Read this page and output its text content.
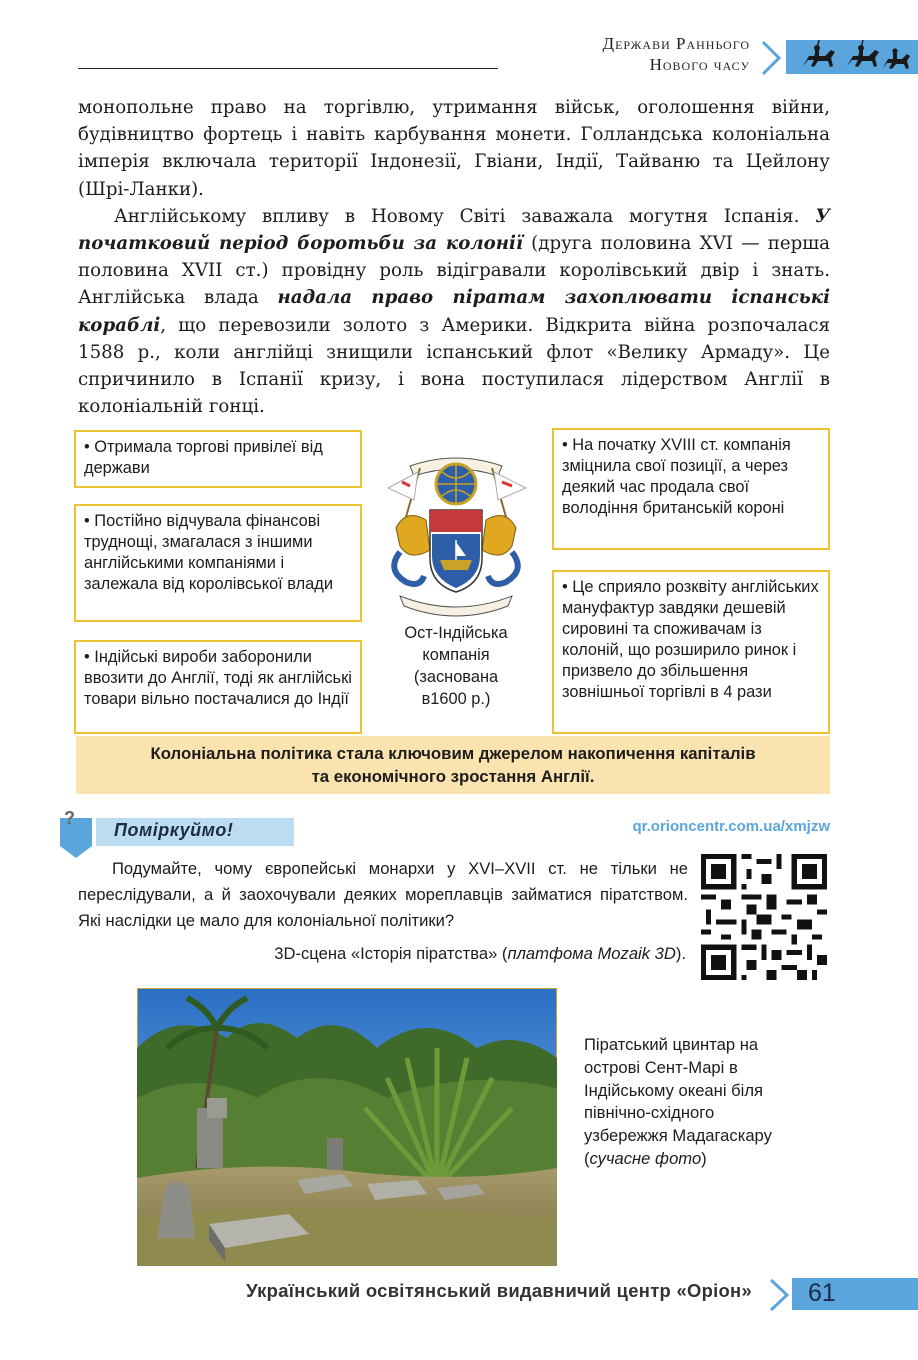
Держави Раннього
Нового часу

монопольне право на торгівлю, утримання військ, оголошення війни, будівництво фортець і навіть карбування монети. Голландська колоніальна імперія включала території Індонезії, Гвіани, Індії, Тайваню та Цейлону (Шрі-Ланки).

Англійському впливу в Новому Світі заважала могутня Іспанія. У початковий період боротьби за колонії (друга половина XVI — перша половина XVII ст.) провідну роль відігравали королівський двір і знать. Англійська влада надала право піратам захоплювати іспанські кораблі, що перевозили золото з Америки. Відкрита війна розпочалася 1588 р., коли англійці знищили іспанський флот «Велику Армаду». Це спричинило в Іспанії кризу, і вона поступилася лідерством Англії в колоніальній гонці.

• Отримала торгові привілеї від держави
• Постійно відчувала фінансові труднощі, змагалася з іншими англійськими компаніями і залежала від королівської влади
• Індійські вироби заборонили ввозити до Англії, тоді як англійські товари вільно постачалися до Індії
• На початку XVIII ст. компанія зміцнила свої позиції, а через деякий час продала свої володіння британській короні
• Це сприяло розквіту англійських мануфактур завдяки дешевій сировині та споживачам із колоній, що розширило ринок і призвело до збільшення зовнішньої торгівлі в 4 рази
Ост-Індійська
компанія
(заснована
в1600 р.)
Колоніальна політика стала ключовим джерелом накопичення капіталів
та економічного зростання Англії.
?
Поміркуймо!	qr.orioncentr.com.ua/xmjzw
Подумайте, чому європейські монархи у XVI–XVII ст. не тільки не переслідували, а й заохочували деяких мореплавців займатися піратством. Які наслідки це мало для колоніальної політики?
3D-сцена «Історія піратства» (платфома Mozaik 3D).
Піратський цвинтар на острові Сент-Марі в Індійському океані біля північно-східного узбережжя Мадагаскару (сучасне фото)
Український освітянський видавничий центр «Оріон» 61
